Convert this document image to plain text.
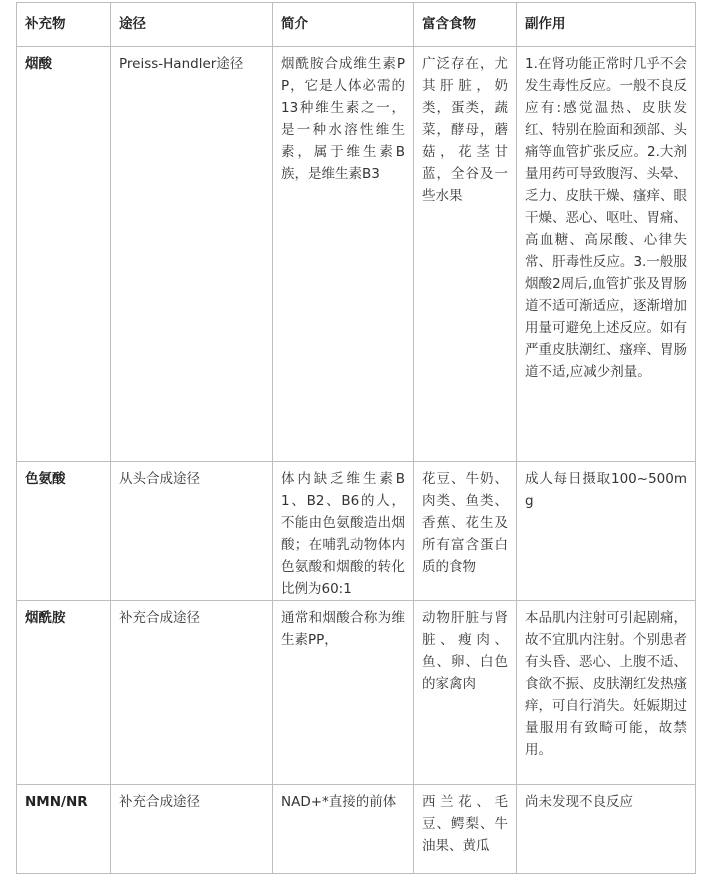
补充物	途径	简介	富含食物	副作用
烟酸	Preiss-Handler途径	烟酰胺合成维生素PP，它是人体必需的13种维生素之一，是一种水溶性维生素，属于维生素B族，是维生素B3	广泛存在，尤其肝脏，奶类，蛋类，蔬菜，酵母，蘑菇，花茎甘蓝，全谷及一些水果	1.在肾功能正常时几乎不会发生毒性反应。一般不良反应有:感觉温热、皮肤发红、特别在脸面和颈部、头痛等血管扩张反应。2.大剂量用药可导致腹泻、头晕、乏力、皮肤干燥、瘙痒、眼干燥、恶心、呕吐、胃痛、高血糖、高尿酸、心律失常、肝毒性反应。3.一般服烟酸2周后,血管扩张及胃肠道不适可渐适应，逐渐增加用量可避免上述反应。如有严重皮肤潮红、瘙痒、胃肠道不适,应减少剂量。
色氨酸	从头合成途径	体内缺乏维生素B1、B2、B6的人，不能由色氨酸造出烟酸；在哺乳动物体内色氨酸和烟酸的转化比例为60:1	花豆、牛奶、肉类、鱼类、香蕉、花生及所有富含蛋白质的食物	成人每日摄取100~500mg
烟酰胺	补充合成途径	通常和烟酸合称为维生素PP，	动物肝脏与肾脏、瘦肉、鱼、卵、白色的家禽肉	本品肌内注射可引起剧痛，故不宜肌内注射。个别患者有头昏、恶心、上腹不适、食欲不振、皮肤潮红发热瘙痒，可自行消失。妊娠期过量服用有致畸可能，故禁用。
NMN/NR	补充合成途径	NAD+*直接的前体	西兰花、毛豆、鳄梨、牛油果、黄瓜	尚未发现不良反应
